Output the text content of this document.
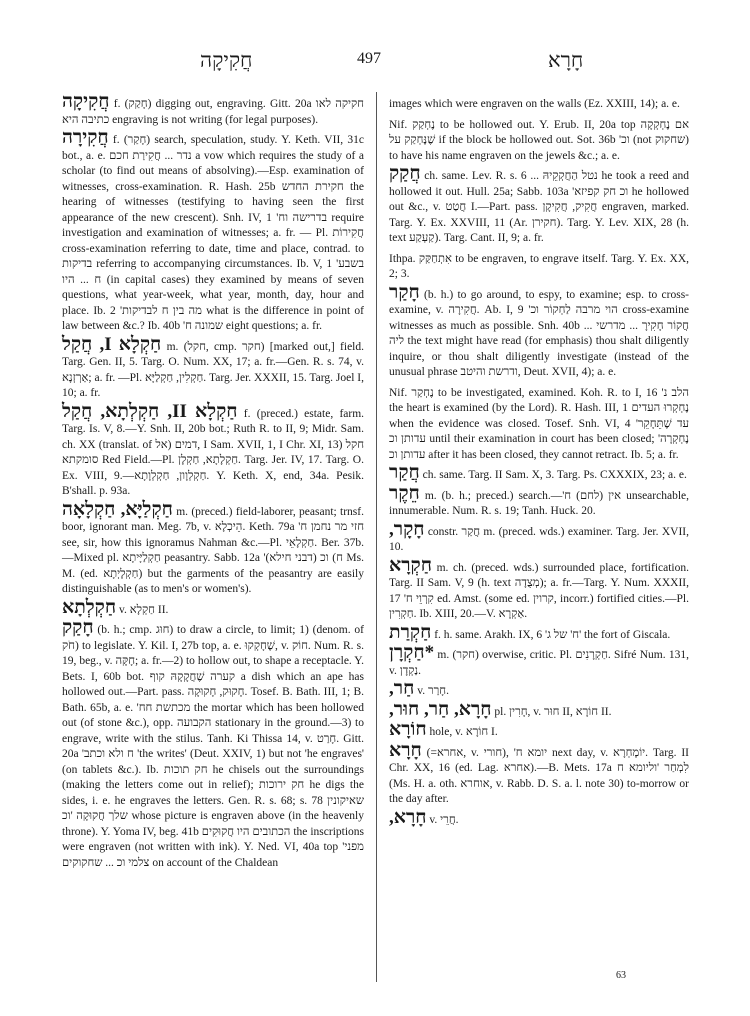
חֲקִיקָה	497	חָרָא

חֲקִיקָה f. (חָקַק) digging out, engraving. Gitt. 20a חקיקה לאו כתיבה היא engraving is not writing (for legal purposes).

חֲקִירָה f. (חָקַר) search, speculation, study. Y. Keth. VII, 31c bot., a. e. נדר ... חֲקִירַת חכם a vow which requires the study of a scholar (to find out means of absolving).—Esp. examination of witnesses, cross-examination. R. Hash. 25b חקירת החדש the hearing of witnesses (testifying to having seen the first appearance of the new crescent). Snh. IV, 1 'בדרישה וח require investigation and examination of witnesses; a. fr. — Pl. חֲקִירוֹת cross-examination referring to date, time and place, contrad. to בדיקות referring to accompanying circumstances. Ib. V, 1 'בשבע ח ... היו (in capital cases) they examined by means of seven questions, what year-week, what year, month, day, hour and place. Ib. 2 'מה בין ח לבדיקות what is the difference in point of law between &c.? Ib. 40b 'שמונה ח eight questions; a. fr.

חַקְלָא I, חֲקַל m. (חקל, cmp. חקר) [marked out,] field. Targ. Gen. II, 5. Targ. O. Num. XX, 17; a. fr.—Gen. R. s. 74, v. אַרְזְנָא; a. fr. —Pl. חַקְלִין, חַקְלַיָּא. Targ. Jer. XXXII, 15. Targ. Joel I, 10; a. fr.

חַקְלָא II, חַקְלְתָא, חֲקַל f. (preced.) estate, farm. Targ. Is. V, 8.—Y. Snh. II, 20b bot.; Ruth R. to II, 9; Midr. Sam. ch. XX (translat. of אל) דמים, I Sam. XVII, 1, I Chr. XI, 13) חקל סומקתא Red Field.—Pl. חַקְלָתָא, חַקְלָן. Targ. Jer. IV, 17. Targ. O. Ex. VIII, 9.—חַקְלְוָון, חַקְלְוָתָא. Y. Keth. X, end, 34a. Pesik. B'shall. p. 93a.

חַקְלַיָּא, חַקְלָאָה m. (preced.) field-laborer, peasant; trnsf. boor, ignorant man. Meg. 7b, v. הֵיכְלָא. Keth. 79a 'חזי מר נחמן ח see, sir, how this ignoramus Nahman &c.—Pl. חַקְלָאֵי. Ber. 37b.—Mixed pl. חַקְלַיָּיתָא peasantry. Sabb. 12a 'ח) וכ (דבני חילא) Ms. M. (ed. חַקְלָיְתָא) but the garments of the peasantry are easily distinguishable (as to men's or women's).

חַקְלְתָא v. חַקְלָא II.

חָקַק (b. h.; cmp. חוּג) to draw a circle, to limit; 1) (denom. of חֹק) to legislate. Y. Kil. I, 27b top, a. e. שֶׁחָקְקוּ, v. חוֹק. Num. R. s. 19, beg., v. חָקָּה; a. fr.—2) to hollow out, to shape a receptacle. Y. Bets. I, 60b bot. קערה שֶׁחֲקָקָהּ קוף a dish which an ape has hollowed out.—Part. pass. חָקוּק, חָקוּקָה. Tosef. B. Bath. III, 1; B. Bath. 65b, a. e. 'מכתשת חח the mortar which has been hollowed out (of stone &c.), opp. הקבועה stationary in the ground.—3) to engrave, write with the stilus. Tanh. Ki Thissa 14, v. חָרַט. Gitt. 20a 'ח ולא וכתב 'the writes' (Deut. XXIV, 1) but not 'he engraves' (on tablets &c.). Ib. חק תוכות he chisels out the surroundings (making the letters come out in relief); חק ירוכות he digs the sides, i. e. he engraves the letters. Gen. R. s. 68; s. 78 שאיקונין שלך חֲקוּקָה 'וכ whose picture is engraven above (in the heavenly throne). Y. Yoma IV, beg. 41b הכתובים היו חֲקוּקִים the inscriptions were engraven (not written with ink). Y. Ned. VI, 40a top 'מפני צלמי וכ ... שחקוקים on account of the Chaldean

images which were engraven on the walls (Ez. XXIII, 14); a. e.

Nif. נֶחְקַק to be hollowed out. Y. Erub. II, 20a top אם נֶחְקְקָה שֶׁנֶּחְקַק על if the block be hollowed out. Sot. 36b 'וכ (not שחקוק) to have his name engraven on the jewels &c.; a. e.

חֲקַק ch. same. Lev. R. s. 6 ... נטל הַחֲקְקֵיהּ he took a reed and hollowed it out. Hull. 25a; Sabb. 103a 'וכ חק קפיזא he hollowed out &c., v. חֲטַט I.—Part. pass. חֲקִיק, חֲקִיקָן engraven, marked. Targ. Y. Ex. XXVIII, 11 (Ar. חקירן). Targ. Y. Lev. XIX, 28 (h. text קַעְקַע). Targ. Cant. II, 9; a. fr.

Ithpa. אִתְחַקַּק to be engraven, to engrave itself. Targ. Y. Ex. XX, 2; 3.

חָקַר (b. h.) to go around, to espy, to examine; esp. to cross-examine, v. חֲקִירָה. Ab. I, 9 'הוי מרבה לַחְקוֹר וכ cross-examine witnesses as much as possible. Snh. 40b ... חֲקוֹר חָקִירָ ... מדרשי ליה the text might have read (for emphasis) thou shalt diligently inquire, or thou shalt diligently investigate (instead of the unusual phrase ודרשת והיטב, Deut. XVII, 4); a. e.

Nif. נֶחְקַר to be investigated, examined. Koh. R. to I, 16 'הלב נ the heart is examined (by the Lord). R. Hash. III, 1 נֶחְקְרוּ העדים when the evidence was closed. Tosef. Snh. VI, 4 'עד שֶׁתֵּחָקֵר עדותן וכ until their examination in court has been closed; 'נֶחְקְרָה עדותן וכ after it has been closed, they cannot retract. Ib. 5; a. fr.

חֲקַר ch. same. Targ. II Sam. X, 3. Targ. Ps. CXXXIX, 23; a. e.

חֵקֶר m. (b. h.; preced.) search.—'אין (לחם) ח unsearchable, innumerable. Num. R. s. 19; Tanh. Huck. 20.

חָקָר, constr. חֲקַר m. (preced. wds.) examiner. Targ. Jer. XVII, 10.

חַקְרָא m. ch. (preced. wds.) surrounded place, fortification. Targ. II Sam. V, 9 (h. text מְצֻדָה); a. fr.—Targ. Y. Num. XXXII, 17 'קִרְוֵי ח ed. Amst. (some ed. קרוין, incorr.) fortified cities.—Pl. חַקְרִין. Ib. XIII, 20.—V. אַקְרָא.

חַקְרַת f. h. same. Arakh. IX, 6 'ח' של ג' the fort of Giscala.

*חַקְרָן m. (חקר) overwise, critic. Pl. חַקְרָנִים. Sifré Num. 131, v. נַקְדָן.

חַר, v. חָרַר.

חָרָא, חַר, חוּר, pl. חָרִין, v. חוּר II, חוֹרָא II.

חוֹרָא hole, v. חוֹרָא I.

חָרָא (=אחרא, v. חורי), 'יומא ח next day, v. יוֹמָחְרָא. Targ. II Chr. XX, 16 (ed. Lag. אחרא).—B. Mets. 17a לִמְחַר 'וליומא ח (Ms. H. a. oth. אוחרא, v. Rabb. D. S. a. l. note 30) to-morrow or the day after.

חָרָא, v. חֲרֵי.

63
